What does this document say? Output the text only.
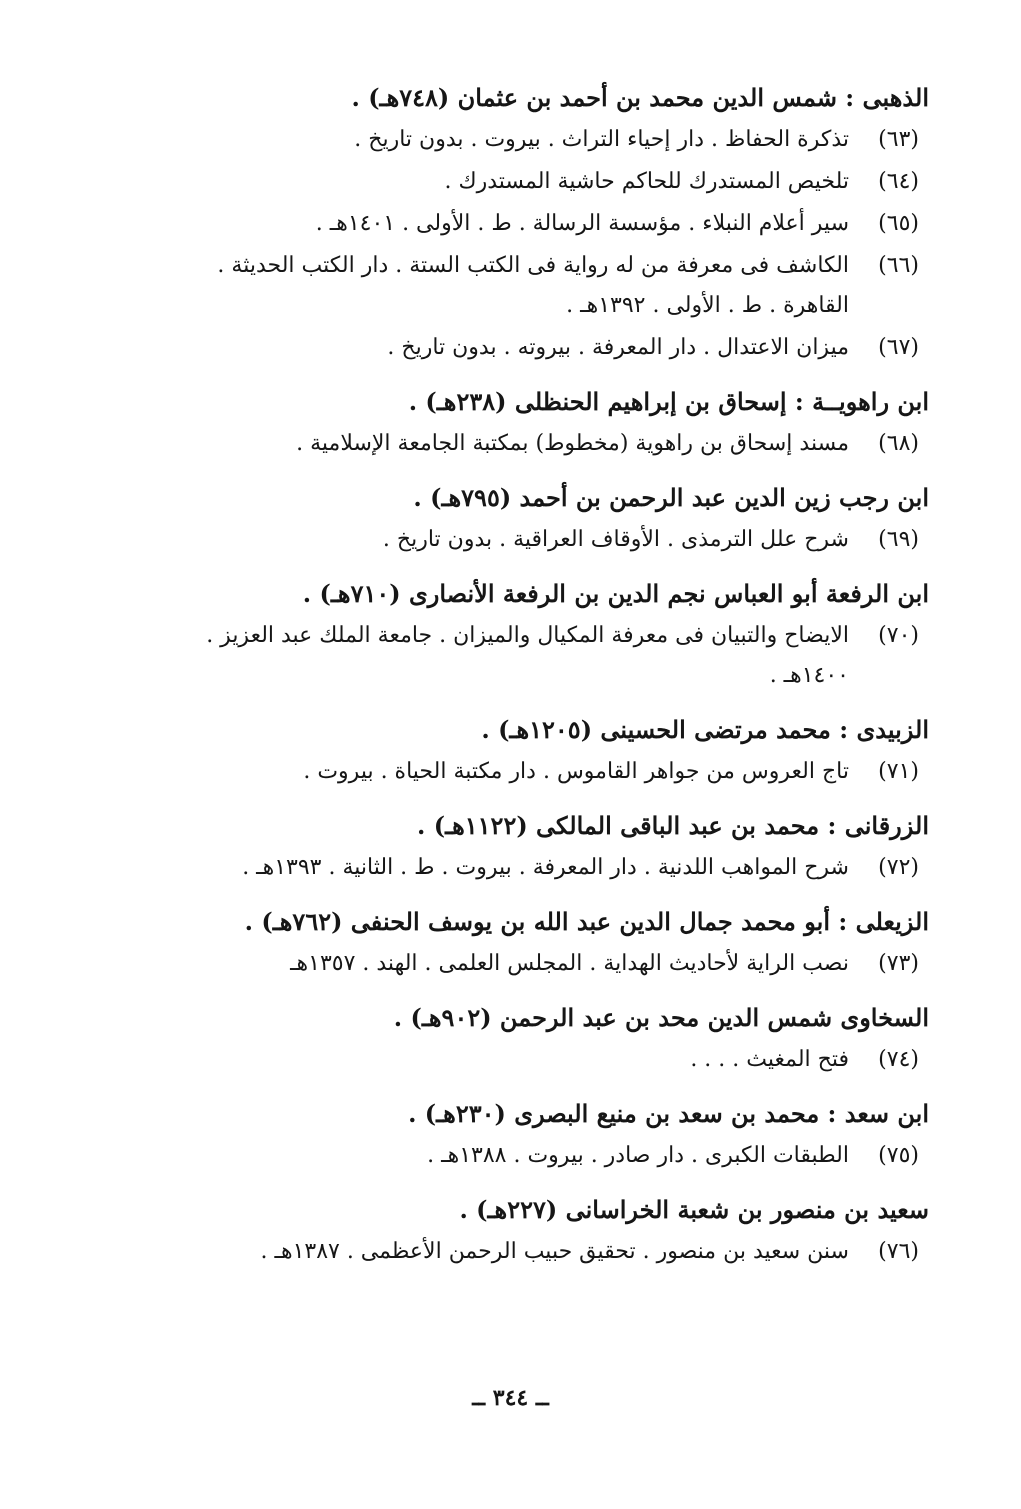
الذهبى : شمس الدين محمد بن أحمد بن عثمان (٧٤٨هـ) .
(٦٣)
تذكرة الحفاظ . دار إحياء التراث . بيروت . بدون تاريخ .
(٦٤)
تلخيص المستدرك للحاكم حاشية المستدرك .
(٦٥)
سير أعلام النبلاء . مؤسسة الرسالة . ط . الأولى . ١٤٠١هـ .
(٦٦)
الكاشف فى معرفة من له رواية فى الكتب الستة . دار الكتب الحديثة .
القاهرة . ط . الأولى . ١٣٩٢هـ .
(٦٧)
ميزان الاعتدال . دار المعرفة . بيروته . بدون تاريخ .
ابن راهويــة : إسحاق بن إبراهيم الحنظلى (٢٣٨هـ) .
(٦٨)
مسند إسحاق بن راهوية (مخطوط) بمكتبة الجامعة الإسلامية .
ابن رجب زين الدين عبد الرحمن بن أحمد (٧٩٥هـ) .
(٦٩)
شرح علل الترمذى . الأوقاف العراقية . بدون تاريخ .
ابن الرفعة أبو العباس نجم الدين بن الرفعة الأنصارى (٧١٠هـ) .
(٧٠)
الايضاح والتبيان فى معرفة المكيال والميزان . جامعة الملك عبد العزيز .
١٤٠٠هـ .
الزبيدى : محمد مرتضى الحسينى (١٢٠٥هـ) .
(٧١)
تاج العروس من جواهر القاموس . دار مكتبة الحياة . بيروت .
الزرقانى : محمد بن عبد الباقى المالكى (١١٢٢هـ) .
(٧٢)
شرح المواهب اللدنية . دار المعرفة . بيروت . ط . الثانية . ١٣٩٣هـ .
الزيعلى : أبو محمد جمال الدين عبد الله بن يوسف الحنفى (٧٦٢هـ) .
(٧٣)
نصب الراية لأحاديث الهداية . المجلس العلمى . الهند . ١٣٥٧هـ
السخاوى شمس الدين محد بن عبد الرحمن (٩٠٢هـ) .
(٧٤)
فتح المغيث . . . .
ابن سعد : محمد بن سعد بن منيع البصرى (٢٣٠هـ) .
(٧٥)
الطبقات الكبرى . دار صادر . بيروت . ١٣٨٨هـ .
سعيد بن منصور بن شعبة الخراسانى (٢٢٧هـ) .
(٧٦)
سنن سعيد بن منصور . تحقيق حبيب الرحمن الأعظمى . ١٣٨٧هـ .
ــ ٣٤٤ ــ
